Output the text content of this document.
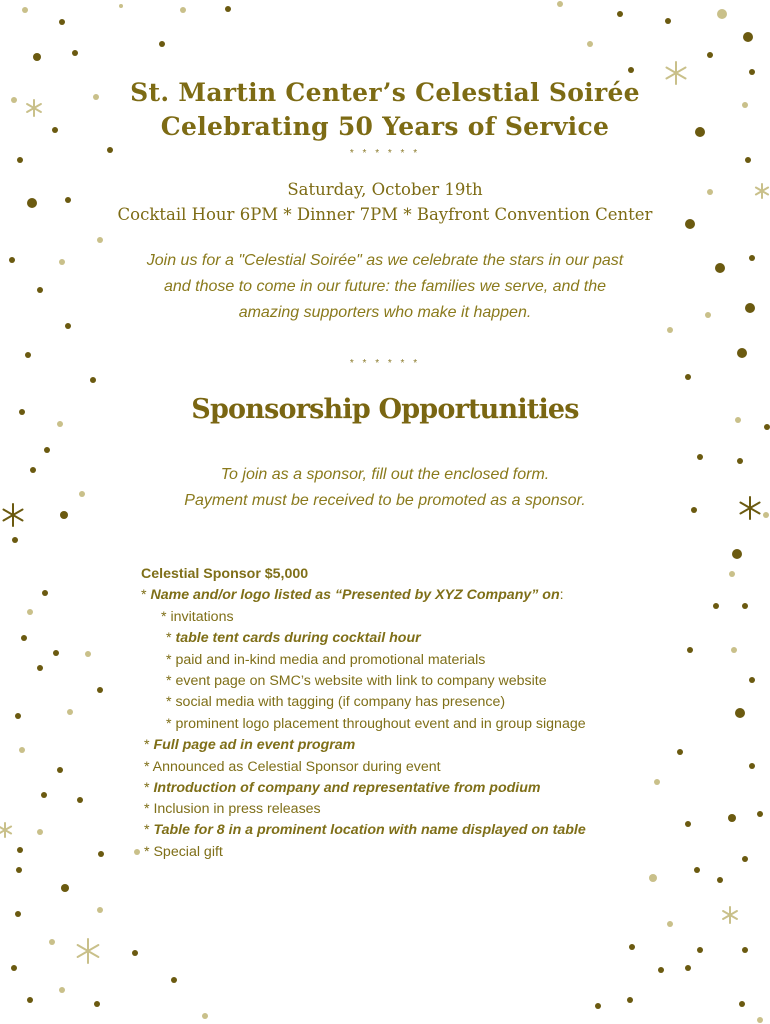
St. Martin Center’s Celestial Soirée
Celebrating 50 Years of Service
* * * * * *
Saturday, October 19th
Cocktail Hour 6PM * Dinner 7PM * Bayfront Convention Center
Join us for a "Celestial Soirée" as we celebrate the stars in our past
and those to come in our future: the families we serve, and the
amazing supporters who make it happen.
* * * * * *
Sponsorship Opportunities
To join as a sponsor, fill out the enclosed form.
Payment must be received to be promoted as a sponsor.
Celestial Sponsor $5,000
* Name and/or logo listed as “Presented by XYZ Company” on:
* invitations
* table tent cards during cocktail hour
* paid and in-kind media and promotional materials
* event page on SMC’s website with link to company website
* social media with tagging (if company has presence)
* prominent logo placement throughout event and in group signage
* Full page ad in event program
* Announced as Celestial Sponsor during event
* Introduction of company and representative from podium
* Inclusion in press releases
* Table for 8 in a prominent location with name displayed on table
* Special gift
